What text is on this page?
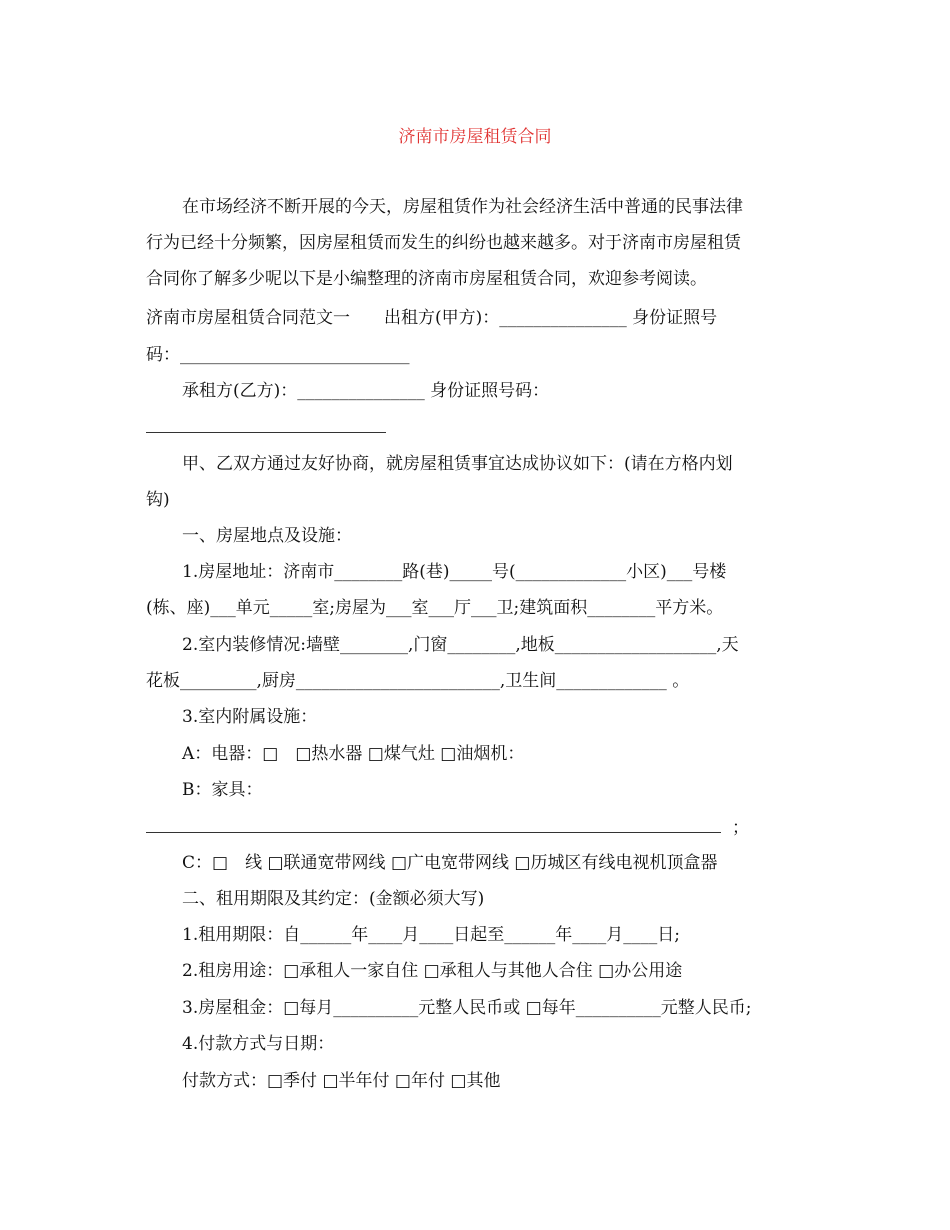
济南市房屋租赁合同
在市场经济不断开展的今天，房屋租赁作为社会经济生活中普通的民事法律
行为已经十分频繁，因房屋租赁而发生的纠纷也越来越多。对于济南市房屋租赁
合同你了解多少呢以下是小编整理的济南市房屋租赁合同，欢迎参考阅读。
济南市房屋租赁合同范文一　　出租方(甲方)：_______________ 身份证照号
码：___________________________
承租方(乙方)：_______________ 身份证照号码：
甲、乙双方通过友好协商，就房屋租赁事宜达成协议如下：(请在方格内划
钩)
一、房屋地点及设施：
1.房屋地址：济南市________路(巷)_____号(_____________小区)___号楼
(栋、座)___单元_____室;房屋为___室___厅___卫;建筑面积________平方米。
2.室内装修情况:墙壁________,门窗________,地板___________________,天
花板_________,厨房________________________,卫生间_____________ 。
3.室内附属设施：
A：电器：□　□热水器 □煤气灶 □油烟机：
B：家具：
；
C：□　线 □联通宽带网线 □广电宽带网线 □历城区有线电视机顶盒器
二、租用期限及其约定：(金额必须大写)
1.租用期限：自______年____月____日起至______年____月____日;
2.租房用途：□承租人一家自住 □承租人与其他人合住 □办公用途
3.房屋租金：□每月__________元整人民币或 □每年__________元整人民币;
4.付款方式与日期：
付款方式：□季付 □半年付 □年付 □其他
